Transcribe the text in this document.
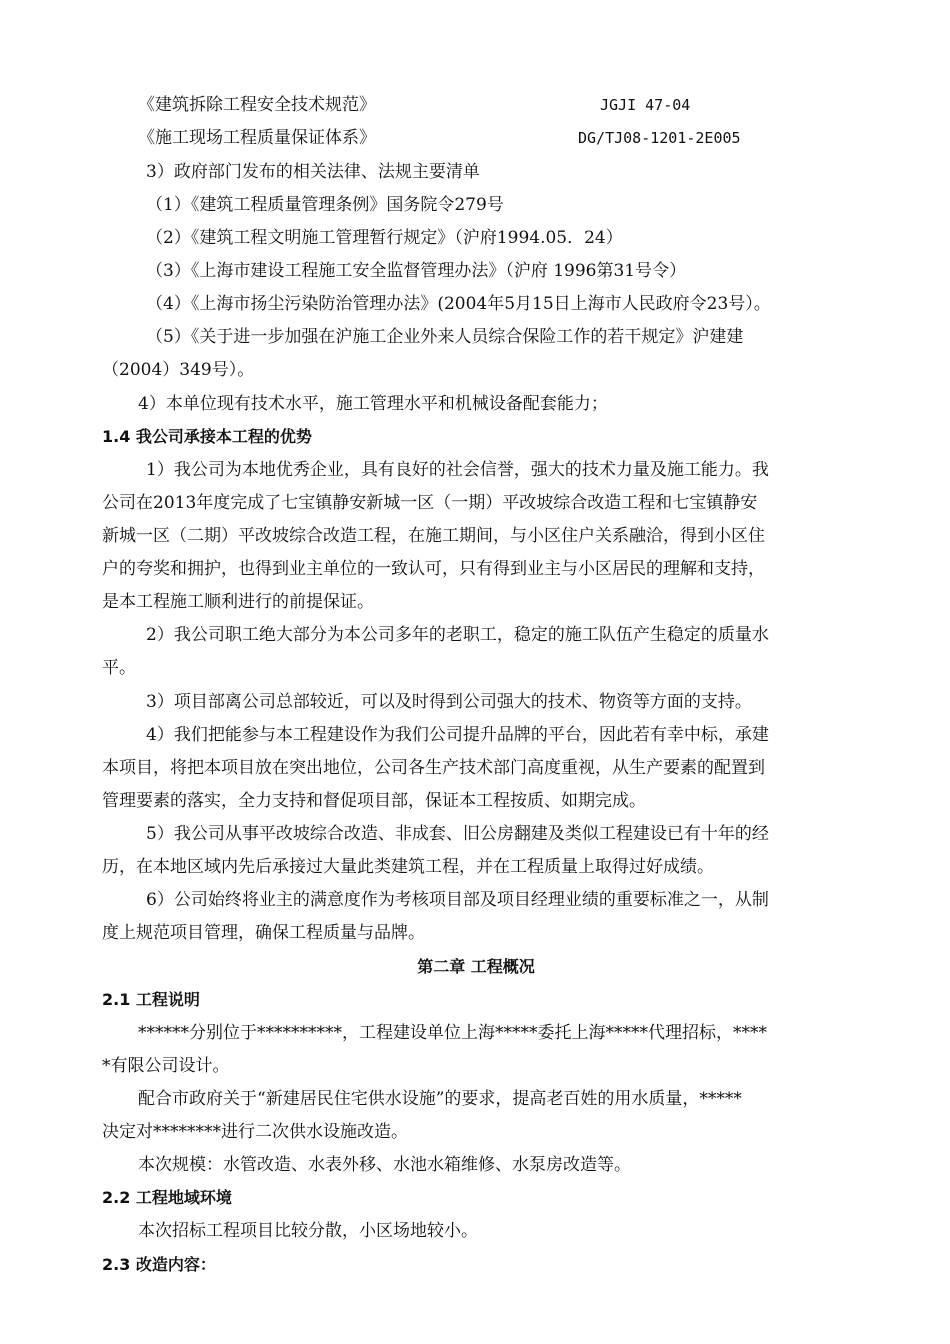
《建筑拆除工程安全技术规范》	JGJI 47-04
《施工现场工程质量保证体系》	DG/TJ08-1201-2E005
3）政府部门发布的相关法律、法规主要清单
（1）《建筑工程质量管理条例》国务院令279号
（2）《建筑工程文明施工管理暂行规定》（沪府1994.05．24）
（3）《上海市建设工程施工安全监督管理办法》（沪府 1996第31号令）
（4）《上海市扬尘污染防治管理办法》(2004年5月15日上海市人民政府令23号）。
（5）《关于进一步加强在沪施工企业外来人员综合保险工作的若干规定》沪建建
（2004）349号）。
4）本单位现有技术水平，施工管理水平和机械设备配套能力；
1.4 我公司承接本工程的优势
1）我公司为本地优秀企业，具有良好的社会信誉，强大的技术力量及施工能力。我
公司在2013年度完成了七宝镇静安新城一区（一期）平改坡综合改造工程和七宝镇静安
新城一区（二期）平改坡综合改造工程，在施工期间，与小区住户关系融洽，得到小区住
户的夸奖和拥护，也得到业主单位的一致认可，只有得到业主与小区居民的理解和支持，
是本工程施工顺利进行的前提保证。
2）我公司职工绝大部分为本公司多年的老职工，稳定的施工队伍产生稳定的质量水
平。
3）项目部离公司总部较近，可以及时得到公司强大的技术、物资等方面的支持。
4）我们把能参与本工程建设作为我们公司提升品牌的平台，因此若有幸中标，承建
本项目，将把本项目放在突出地位，公司各生产技术部门高度重视，从生产要素的配置到
管理要素的落实，全力支持和督促项目部，保证本工程按质、如期完成。
5）我公司从事平改坡综合改造、非成套、旧公房翻建及类似工程建设已有十年的经
历，在本地区域内先后承接过大量此类建筑工程，并在工程质量上取得过好成绩。
6）公司始终将业主的满意度作为考核项目部及项目经理业绩的重要标准之一，从制
度上规范项目管理，确保工程质量与品牌。
第二章 工程概况
2.1 工程说明
******分别位于**********，工程建设单位上海*****委托上海*****代理招标，****
*有限公司设计。
配合市政府关于“新建居民住宅供水设施”的要求，提高老百姓的用水质量，*****
决定对********进行二次供水设施改造。
本次规模：水管改造、水表外移、水池水箱维修、水泵房改造等。
2.2 工程地域环境
本次招标工程项目比较分散，小区场地较小。
2.3 改造内容：
